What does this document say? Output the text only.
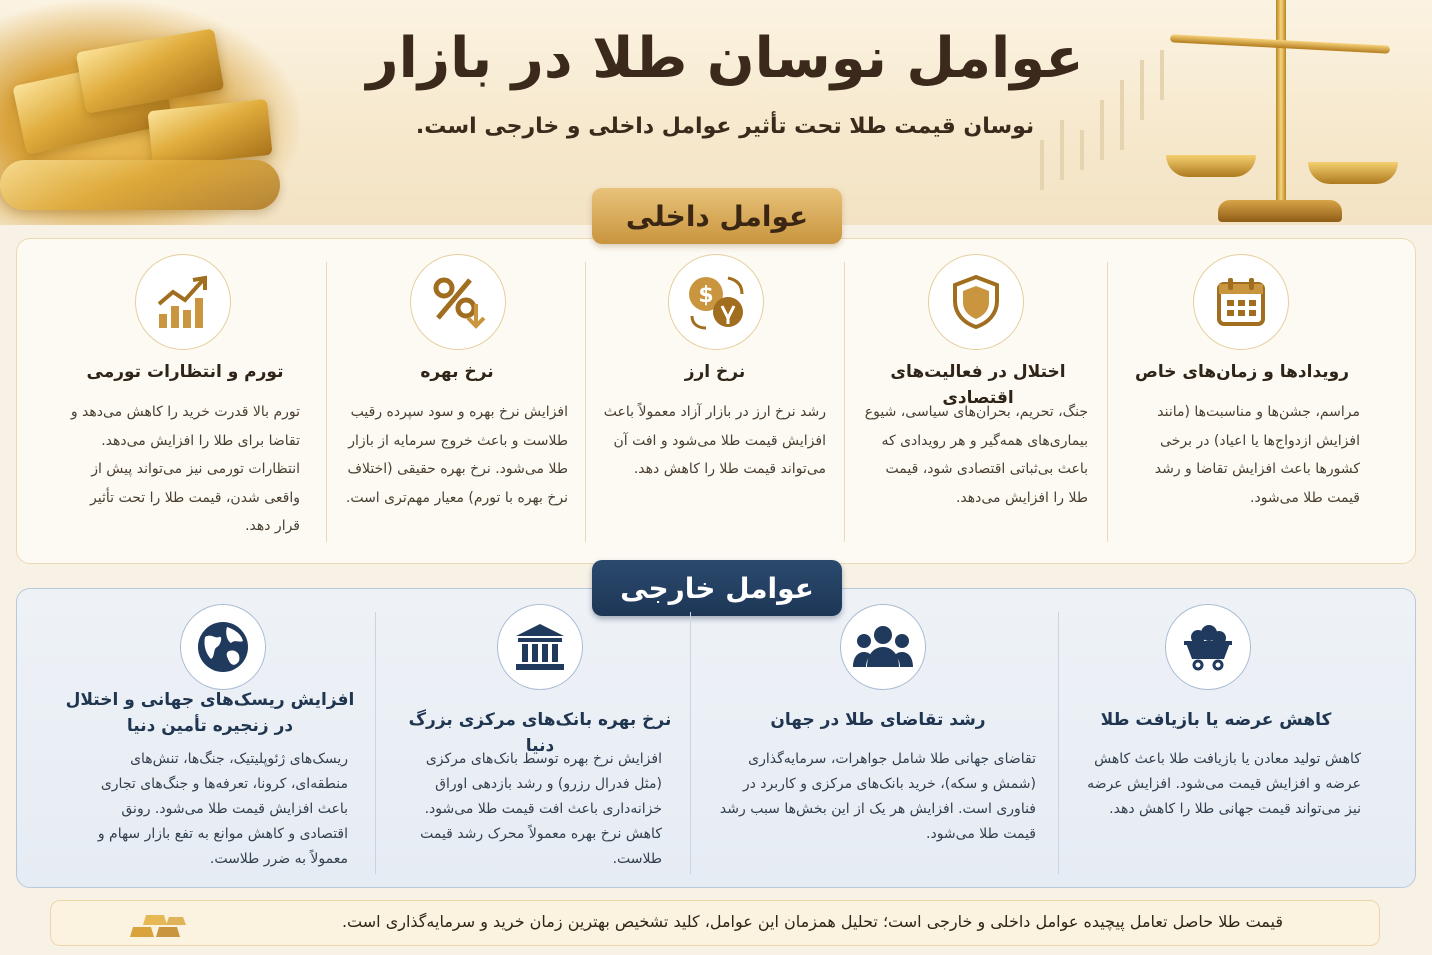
عوامل نوسان طلا در بازار
نوسان قیمت طلا تحت تأثیر عوامل داخلی و خارجی است.
عوامل داخلی
رویدادها و زمان‌های خاص
مراسم، جشن‌ها و مناسبت‌ها (مانند افزایش ازدواج‌ها یا اعیاد) در برخی کشورها باعث افزایش تقاضا و رشد قیمت طلا می‌شود.
اختلال در فعالیت‌های اقتصادی
جنگ، تحریم، بحران‌های سیاسی، شیوع بیماری‌های همه‌گیر و هر رویدادی که باعث بی‌ثباتی اقتصادی شود، قیمت طلا را افزایش می‌دهد.
$
نرخ ارز
رشد نرخ ارز در بازار آزاد معمولاً باعث افزایش قیمت طلا می‌شود و افت آن می‌تواند قیمت طلا را کاهش دهد.
نرخ بهره
افزایش نرخ بهره و سود سپرده رقیب طلاست و باعث خروج سرمایه از بازار طلا می‌شود. نرخ بهره حقیقی (اختلاف نرخ بهره با تورم) معیار مهم‌تری است.
تورم و انتظارات تورمی
تورم بالا قدرت خرید را کاهش می‌دهد و تقاضا برای طلا را افزایش می‌دهد. انتظارات تورمی نیز می‌تواند پیش از واقعی شدن، قیمت طلا را تحت تأثیر قرار دهد.
عوامل خارجی
کاهش عرضه یا بازیافت طلا
کاهش تولید معادن یا بازیافت طلا باعث کاهش عرضه و افزایش قیمت می‌شود. افزایش عرضه نیز می‌تواند قیمت جهانی طلا را کاهش دهد.
رشد تقاضای طلا در جهان
تقاضای جهانی طلا شامل جواهرات، سرمایه‌گذاری (شمش و سکه)، خرید بانک‌های مرکزی و کاربرد در فناوری است. افزایش هر یک از این بخش‌ها سبب رشد قیمت طلا می‌شود.
نرخ بهره بانک‌های مرکزی بزرگ دنیا
افزایش نرخ بهره توسط بانک‌های مرکزی (مثل فدرال رزرو) و رشد بازدهی اوراق خزانه‌داری باعث افت قیمت طلا می‌شود. کاهش نرخ بهره معمولاً محرک رشد قیمت طلاست.
افزایش ریسک‌های جهانی و اختلال در زنجیره تأمین دنیا
ریسک‌های ژئوپلیتیک، جنگ‌ها، تنش‌های منطقه‌ای، کرونا، تعرفه‌ها و جنگ‌های تجاری باعث افزایش قیمت طلا می‌شود. رونق اقتصادی و کاهش موانع به تفع بازار سهام و معمولاً به ضرر طلاست.
قیمت طلا حاصل تعامل پیچیده عوامل داخلی و خارجی است؛ تحلیل همزمان این عوامل، کلید تشخیص بهترین زمان خرید و سرمایه‌گذاری است.
